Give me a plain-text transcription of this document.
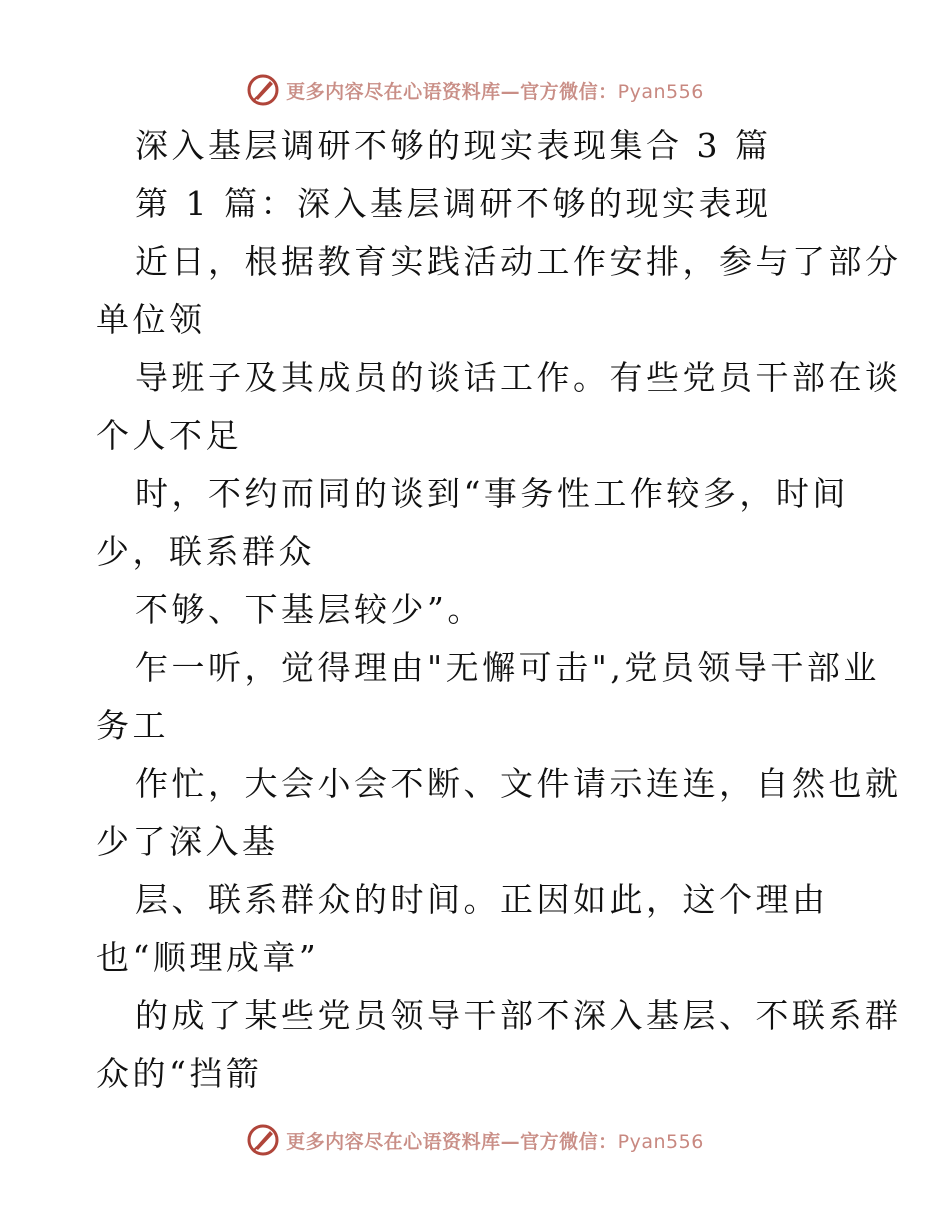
更多内容尽在心语资料库—官方微信：Pyan556
深入基层调研不够的现实表现集合 3 篇
第 1 篇：深入基层调研不够的现实表现
近日，根据教育实践活动工作安排，参与了部分
单位领
导班子及其成员的谈话工作。有些党员干部在谈
个人不足
时，不约而同的谈到“事务性工作较多，时间
少，联系群众
不够、下基层较少”。
乍一听，觉得理由"无懈可击",党员领导干部业
务工
作忙，大会小会不断、文件请示连连，自然也就
少了深入基
层、联系群众的时间。正因如此，这个理由
也“顺理成章”
的成了某些党员领导干部不深入基层、不联系群
众的“挡箭
更多内容尽在心语资料库—官方微信：Pyan556
